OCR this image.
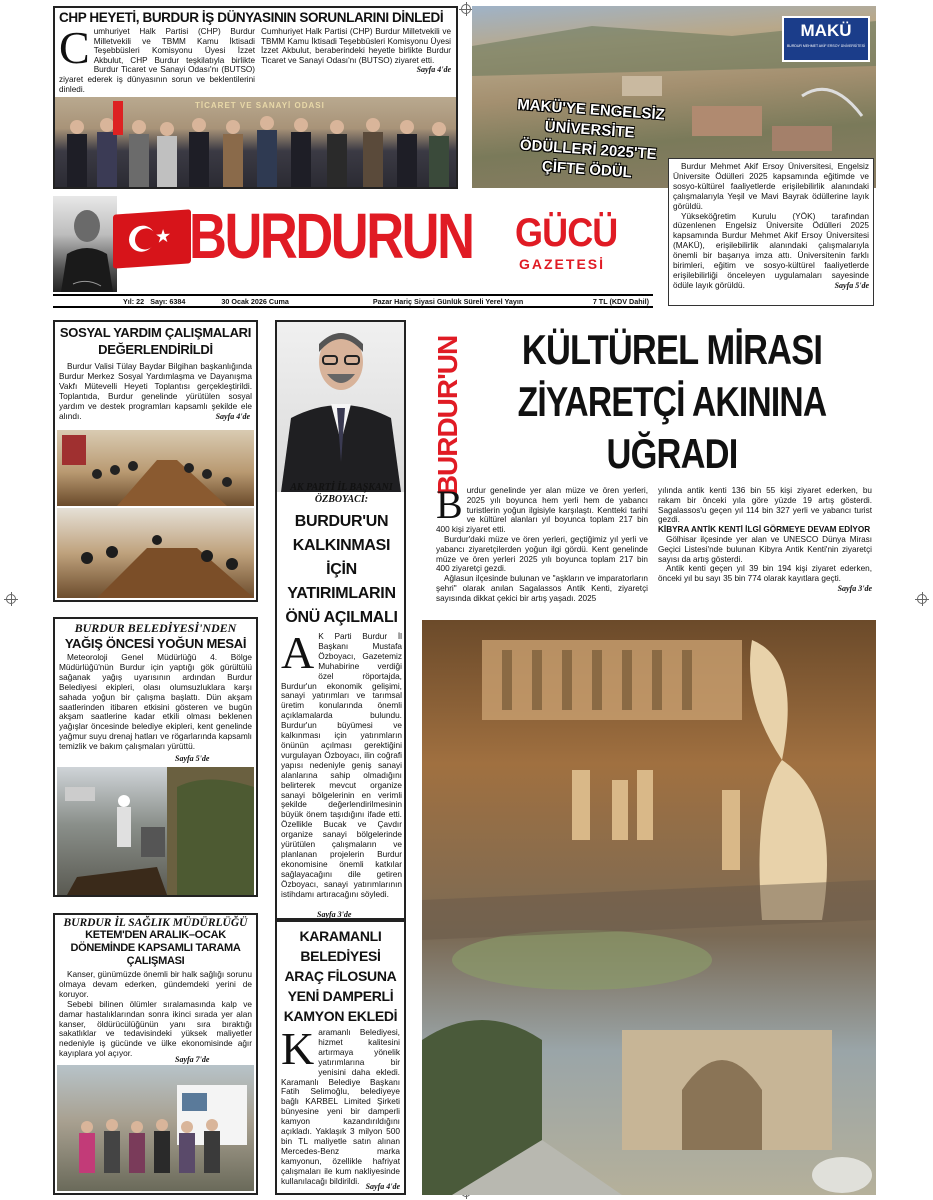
CHP HEYETİ, BURDUR İŞ DÜNYASININ SORUNLARINI DİNLEDİ
C umhuriyet Halk Partisi (CHP) Burdur Milletvekili ve TBMM Kamu İktisadi Teşebbüsleri Komisyonu Üyesi İzzet Akbulut, CHP Burdur teşkilatıyla birlikte Burdur Ticaret ve Sanayi Odası'nı (BUTSO) ziyaret ederek iş dünyasının sorun ve beklentilerini dinledi.
Cumhuriyet Halk Partisi (CHP) Burdur Milletvekili ve TBMM Kamu İktisadi Teşebbüsleri Komisyonu Üyesi İzzet Akbulut, beraberindeki heyetle birlikte Burdur Ticaret ve Sanayi Odası'nı (BUTSO) ziyaret etti.
Sayfa 4'de
TİCARET VE SANAYİ ODASI
MAKÜ
BURDUR MEHMET AKİF ERSOY ÜNİVERSİTESİ
MAKÜ'YE ENGELSİZ ÜNİVERSİTE
ÖDÜLLERİ 2025'TE
ÇİFTE ÖDÜL	Burdur Mehmet Akif Ersoy Üniversitesi, Engelsiz Üniversite Ödülleri 2025 kapsamında eğitimde ve sosyo-kültürel faaliyetlerde erişilebilirlik alanındaki çalışmalarıyla Yeşil ve Mavi Bayrak ödüllerine layık görüldü.

Yükseköğretim Kurulu (YÖK) tarafından düzenlenen Engelsiz Üniversite Ödülleri 2025 kapsamında Burdur Mehmet Akif Ersoy Üniversitesi (MAKÜ), erişilebilirlik alanındaki çalışmalarıyla önemli bir başarıya imza attı. Üniversitenin farklı birimleri, eğitim ve sosyo-kültürel faaliyetlerde erişilebilirliği önceleyen uygulamaları sayesinde ödüle layık görüldü.	Sayfa 5'de
★ BURDURUN GÜCÜ
GAZETESİ
Yıl: 22 Sayı: 6384	30 Ocak 2026 Cuma	Pazar Hariç Siyasi Günlük Süreli Yerel Yayın	7 TL (KDV Dahil)
SOSYAL YARDIM ÇALIŞMALARI DEĞERLENDİRİLDİ
Burdur Valisi Tülay Baydar Bilgihan başkanlığında Burdur Merkez Sosyal Yardımlaşma ve Dayanışma Vakfı Mütevelli Heyeti Toplantısı gerçekleştirildi. Toplantıda, Burdur genelinde yürütülen sosyal yardım ve destek programları kapsamlı şekilde ele alındı.	Sayfa 4'de
BURDUR BELEDİYESİ'NDEN
YAĞIŞ ÖNCESİ YOĞUN MESAİ
Meteoroloji Genel Müdürlüğü 4. Bölge Müdürlüğü'nün Burdur için yaptığı gök gürültülü sağanak yağış uyarısının ardından Burdur Belediyesi ekipleri, olası olumsuzluklara karşı sahada yoğun bir çalışma başlattı. Dün akşam saatlerinden itibaren etkisini gösteren ve bugün akşam saatlerine kadar etkili olması beklenen yağışlar öncesinde belediye ekipleri, kent genelinde yağmur suyu drenaj hatları ve rögarlarında kapsamlı temizlik ve bakım çalışmaları yürüttü.
Sayfa 5'de
BURDUR İL SAĞLIK MÜDÜRLÜĞÜ
KETEM'DEN ARALIK–OCAK DÖNEMİNDE KAPSAMLI TARAMA ÇALIŞMASI

Kanser, günümüzde önemli bir halk sağlığı sorunu olmaya devam ederken, gündemdeki yerini de koruyor.

Sebebi bilinen ölümler sıralamasında kalp ve damar hastalıklarından sonra ikinci sırada yer alan kanser, öldürücülüğünün yanı sıra bıraktığı sakatlıklar ve tedavisindeki yüksek maliyetler nedeniyle iş gücünde ve ülke ekonomisinde ağır kayıplara yol açıyor.

Sayfa 7'de
AK PARTİ İL BAŞKANI ÖZBOYACI:
BURDUR'UN KALKINMASI İÇİN YATIRIMLARIN ÖNÜ AÇILMALI
A K Parti Burdur İl Başkanı Mustafa Özboyacı, Gazetemiz Muhabirine verdiği özel röportajda, Burdur'un ekonomik gelişimi, sanayi yatırımları ve tarımsal üretim konularında önemli açıklamalarda bulundu. Burdur'un büyümesi ve kalkınması için yatırımların önünün açılması gerektiğini vurgulayan Özboyacı, ilin coğrafi yapısı nedeniyle geniş sanayi alanlarına sahip olmadığını belirterek mevcut organize sanayi bölgelerinin en verimli şekilde değerlendirilmesinin büyük önem taşıdığını ifade etti. Özellikle Bucak ve Çavdır organize sanayi bölgelerinde yürütülen çalışmaların ve planlanan projelerin Burdur ekonomisine önemli katkılar sağlayacağını dile getiren Özboyacı, sanayi yatırımlarının istihdamı artıracağını söyledi.
Sayfa 3'de
KARAMANLI BELEDİYESİ ARAÇ FİLOSUNA YENİ DAMPERLİ KAMYON EKLEDİ
K aramanlı Belediyesi, hizmet kalitesini artırmaya yönelik yatırımlarına bir yenisini daha ekledi. Karamanlı Belediye Başkanı Fatih Selimoğlu, belediyeye bağlı KARBEL Limited Şirketi bünyesine yeni bir damperli kamyon kazandırıldığını açıkladı. Yaklaşık 3 milyon 500 bin TL maliyetle satın alınan Mercedes-Benz marka kamyonun, özellikle hafriyat çalışmaları ile kum nakliyesinde kullanılacağı bildirildi.
Sayfa 4'de
BURDUR'UN	KÜLTÜREL MİRASI
ZİYARETÇİ AKININA
UĞRADI
B urdur genelinde yer alan müze ve ören yerleri, 2025 yılı boyunca hem yerli hem de yabancı turistlerin yoğun ilgisiyle karşılaştı. Kentteki tarihi ve kültürel alanları yıl boyunca toplam 217 bin 400 kişi ziyaret etti.

Burdur'daki müze ve ören yerleri, geçtiğimiz yıl yerli ve yabancı ziyaretçilerden yoğun ilgi gördü. Kent genelinde müze ve ören yerleri 2025 yılı boyunca toplam 217 bin 400 ziyaretçi gezdi.

Ağlasun ilçesinde bulunan ve "aşkların ve imparatorların şehri" olarak anılan Sagalassos Antik Kenti, ziyaretçi sayısında dikkat çekici bir artış yaşadı. 2025

yılında antik kenti 136 bin 55 kişi ziyaret ederken, bu rakam bir önceki yıla göre yüzde 19 artış gösterdi. Sagalassos'u geçen yıl 114 bin 327 yerli ve yabancı turist gezdi.

KİBYRA ANTİK KENTİ İLGİ GÖRMEYE DEVAM EDİYOR

Gölhisar ilçesinde yer alan ve UNESCO Dünya Mirası Geçici Listesi'nde bulunan Kibyra Antik Kenti'nin ziyaretçi sayısı da artış gösterdi.

Antik kenti geçen yıl 39 bin 194 kişi ziyaret ederken, önceki yıl bu sayı 35 bin 774 olarak kayıtlara geçti.

Sayfa 3'de
